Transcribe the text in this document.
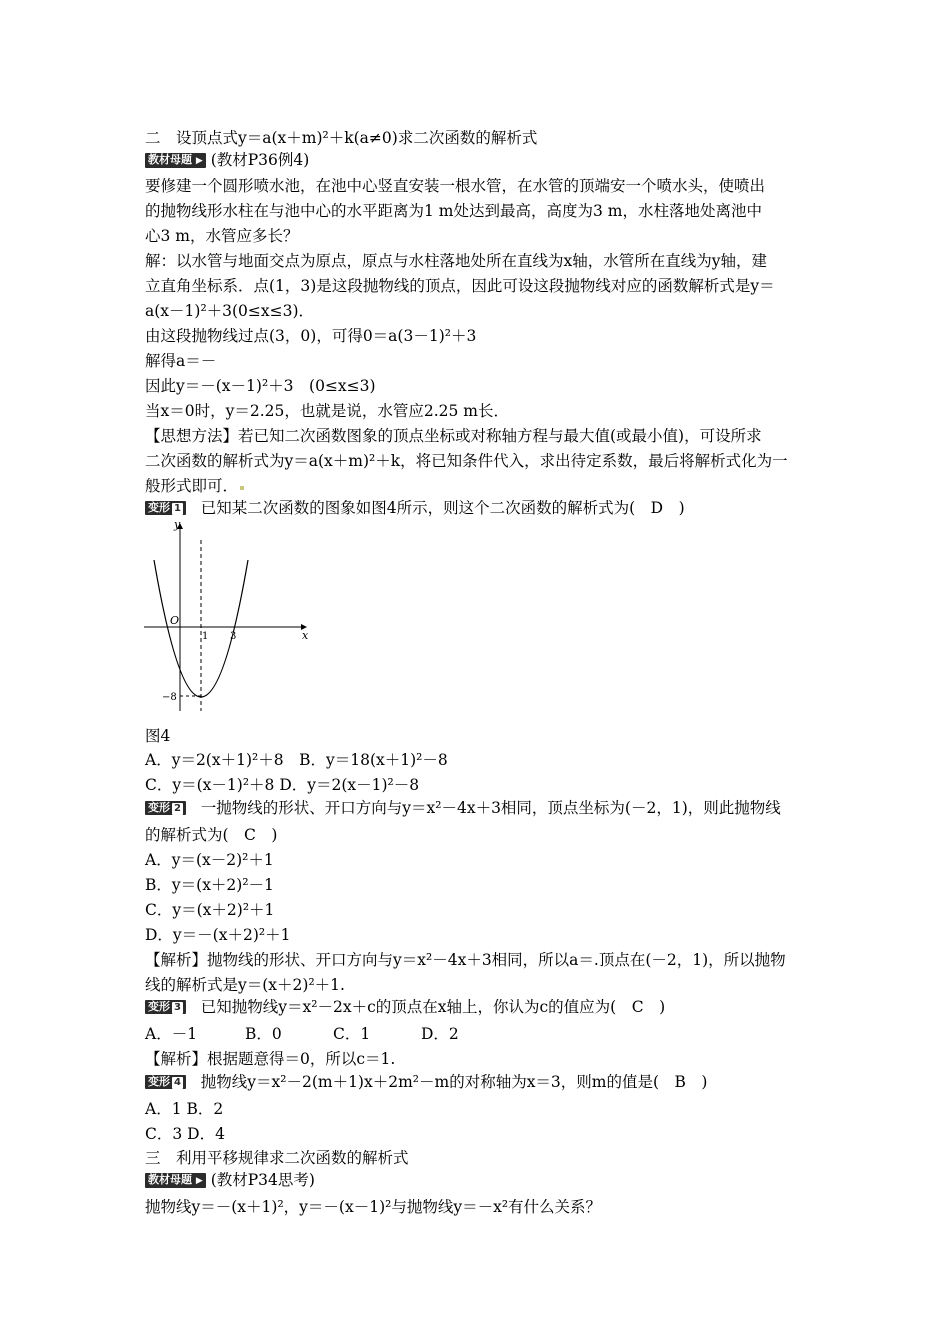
二　设顶点式y＝a(x＋m)²＋k(a≠0)求二次函数的解析式
教材母题 ▶ (教材P36例4)
要修建一个圆形喷水池，在池中心竖直安装一根水管，在水管的顶端安一个喷水头，使喷出
的抛物线形水柱在与池中心的水平距离为1 m处达到最高，高度为3 m，水柱落地处离池中
心3 m，水管应多长？
解：以水管与地面交点为原点，原点与水柱落地处所在直线为x轴，水管所在直线为y轴，建
立直角坐标系．点(1，3)是这段抛物线的顶点，因此可设这段抛物线对应的函数解析式是y＝
a(x－1)²＋3(0≤x≤3)．
由这段抛物线过点(3，0)，可得0＝a(3－1)²＋3
解得a＝－
因此y＝－(x－1)²＋3　(0≤x≤3)
当x＝0时，y＝2.25，也就是说，水管应2.25 m长．
【思想方法】若已知二次函数图象的顶点坐标或对称轴方程与最大值(或最小值)，可设所求
二次函数的解析式为y＝a(x＋m)²＋k，将已知条件代入，求出待定系数，最后将解析式化为一
般形式即可．
变形 1 已知某二次函数的图象如图4所示，则这个二次函数的解析式为(　D　)
y
x
O
1 3
−8
图4
A．y＝2(x＋1)²＋8　B．y＝18(x＋1)²－8
C．y＝(x－1)²＋8 D．y＝2(x－1)²－8
变形 2 一抛物线的形状、开口方向与y＝x²－4x＋3相同，顶点坐标为(－2，1)，则此抛物线
的解析式为(　C　)
A．y＝(x－2)²＋1
B．y＝(x＋2)²－1
C．y＝(x＋2)²＋1
D．y＝－(x＋2)²＋1
【解析】抛物线的形状、开口方向与y＝x²－4x＋3相同，所以a＝.顶点在(－2，1)，所以抛物
线的解析式是y＝(x＋2)²＋1.
变形 3 已知抛物线y＝x²－2x＋c的顶点在x轴上，你认为c的值应为(　C　)
A．－1	B．0	C．1	D．2
【解析】根据题意得＝0，所以c＝1.
变形 4 抛物线y＝x²－2(m＋1)x＋2m²－m的对称轴为x＝3，则m的值是(　B　)
A．1 B．2
C．3 D．4
三　利用平移规律求二次函数的解析式
教材母题 ▶ (教材P34思考)
抛物线y＝－(x＋1)²，y＝－(x－1)²与抛物线y＝－x²有什么关系？
